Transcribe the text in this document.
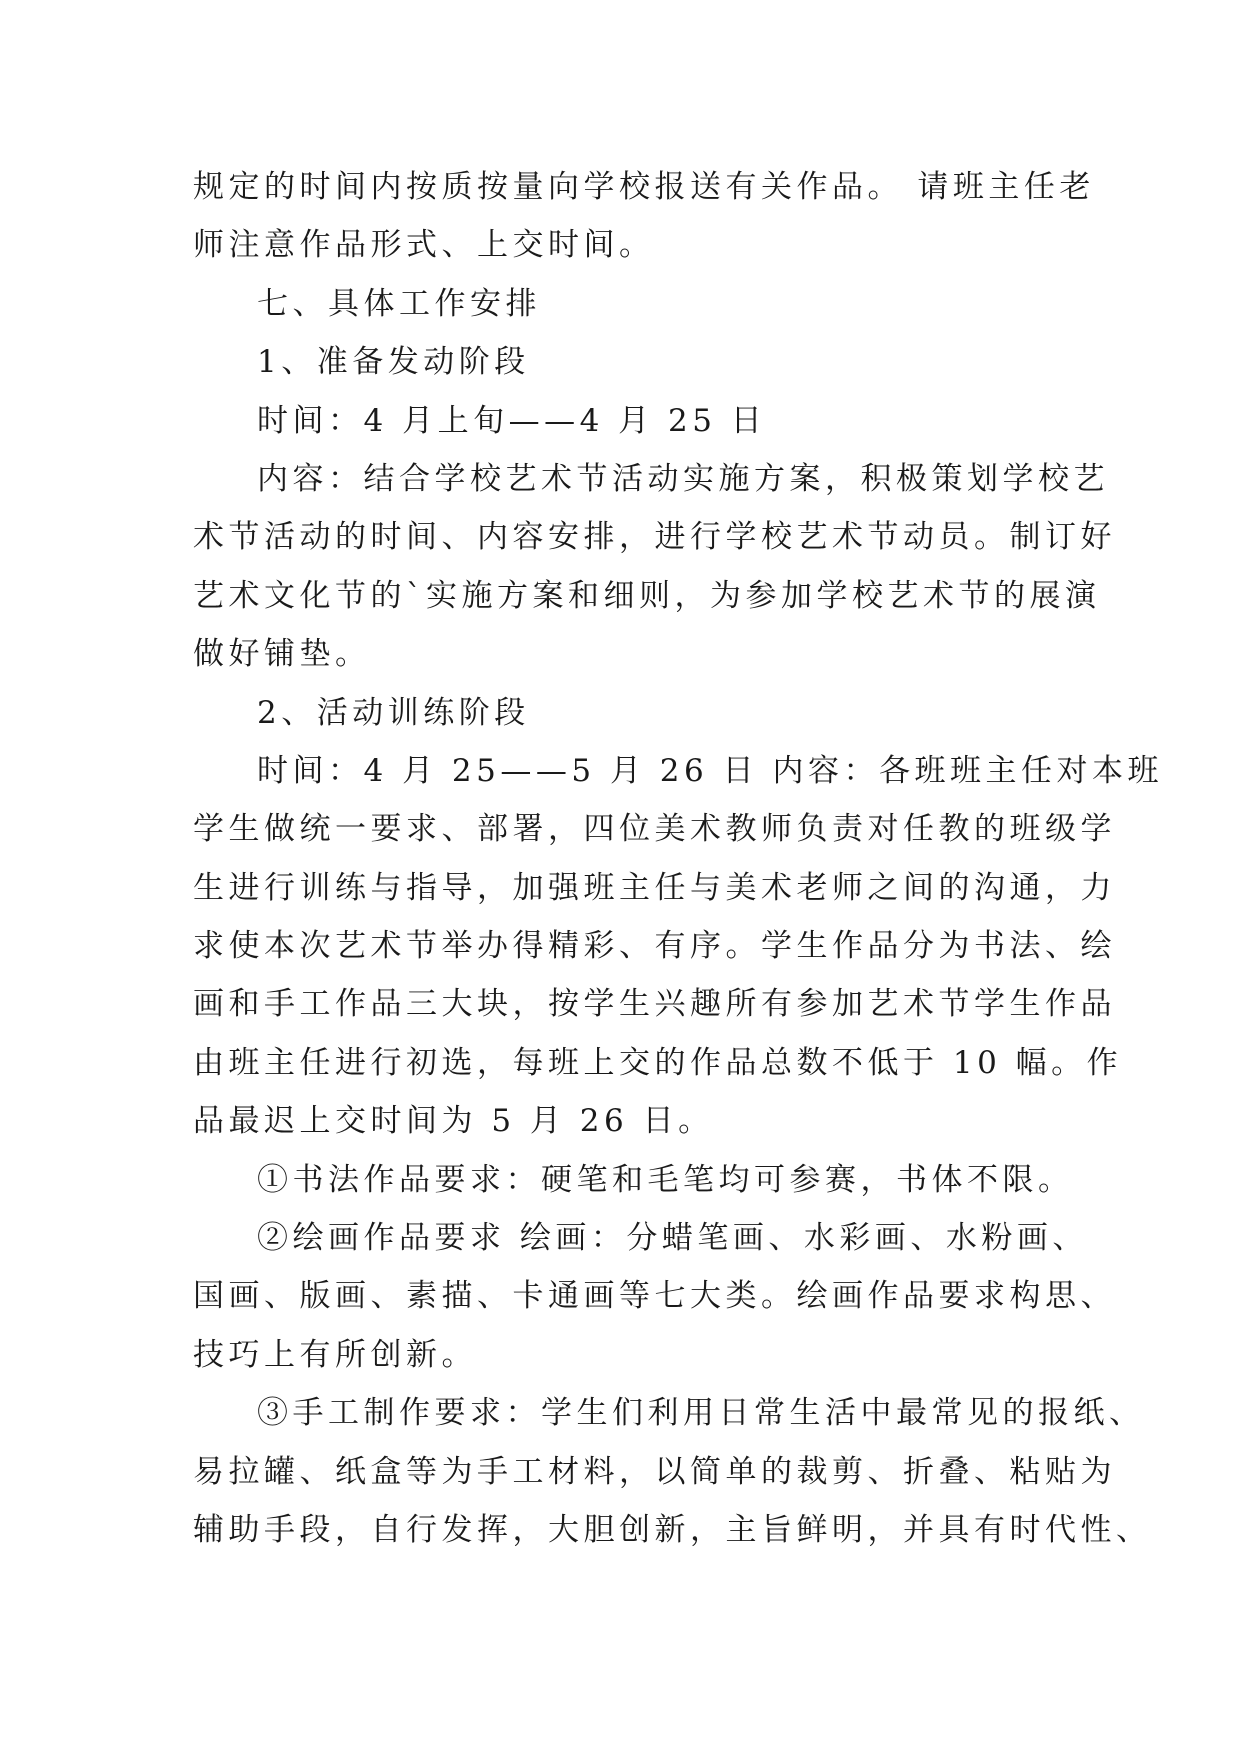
规定的时间内按质按量向学校报送有关作品。 请班主任老
师注意作品形式、上交时间。
七、具体工作安排
1、准备发动阶段
时间：4 月上旬——4 月 25 日
内容：结合学校艺术节活动实施方案，积极策划学校艺
术节活动的时间、内容安排，进行学校艺术节动员。制订好
艺术文化节的`实施方案和细则，为参加学校艺术节的展演
做好铺垫。
2、活动训练阶段
时间：4 月 25——5 月 26 日 内容：各班班主任对本班
学生做统一要求、部署，四位美术教师负责对任教的班级学
生进行训练与指导，加强班主任与美术老师之间的沟通，力
求使本次艺术节举办得精彩、有序。学生作品分为书法、绘
画和手工作品三大块，按学生兴趣所有参加艺术节学生作品
由班主任进行初选，每班上交的作品总数不低于 10 幅。作
品最迟上交时间为 5 月 26 日。
①书法作品要求：硬笔和毛笔均可参赛，书体不限。
②绘画作品要求 绘画：分蜡笔画、水彩画、水粉画、
国画、版画、素描、卡通画等七大类。绘画作品要求构思、
技巧上有所创新。
③手工制作要求：学生们利用日常生活中最常见的报纸、
易拉罐、纸盒等为手工材料，以简单的裁剪、折叠、粘贴为
辅助手段，自行发挥，大胆创新，主旨鲜明，并具有时代性、
